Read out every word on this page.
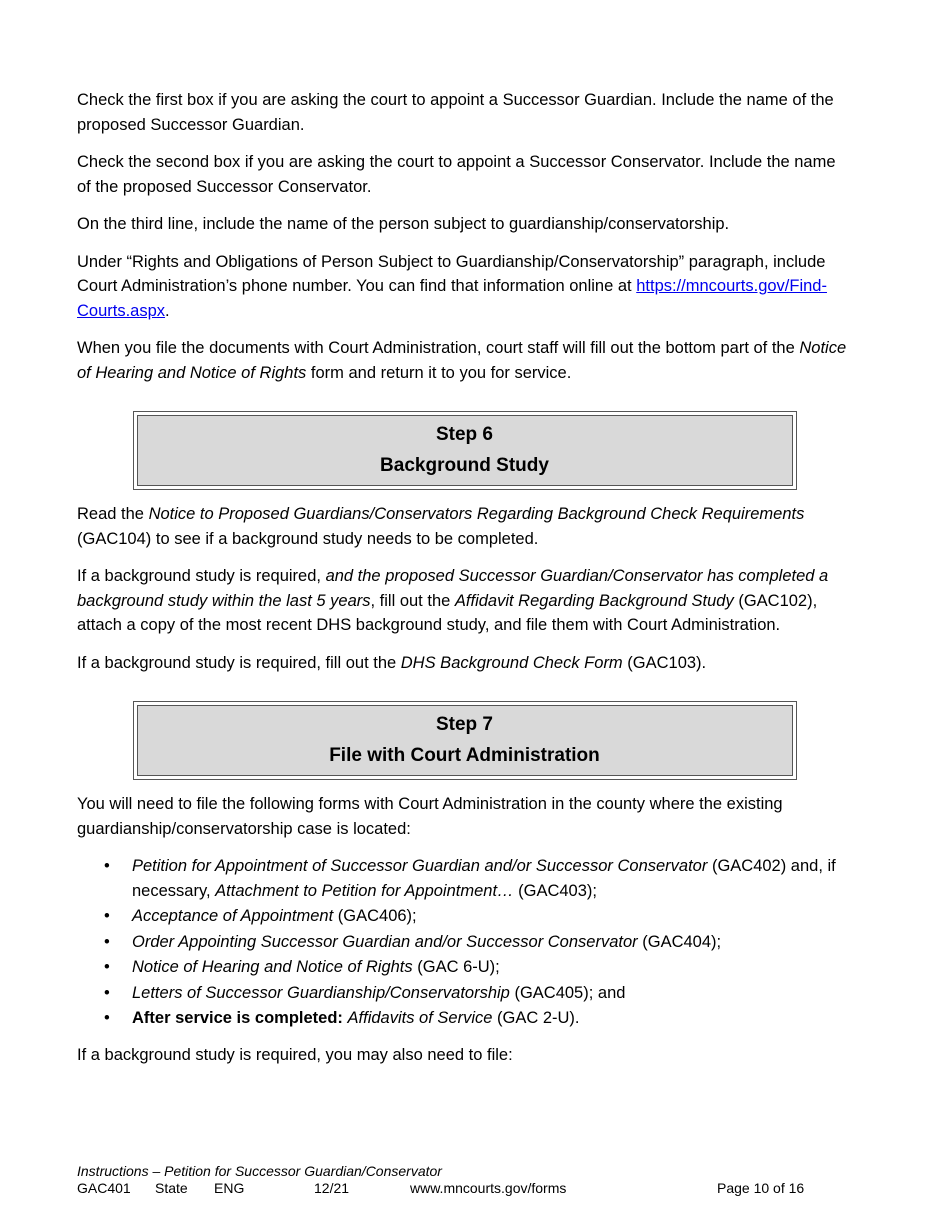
Check the first box if you are asking the court to appoint a Successor Guardian. Include the name of the proposed Successor Guardian.

Check the second box if you are asking the court to appoint a Successor Conservator. Include the name of the proposed Successor Conservator.

On the third line, include the name of the person subject to guardianship/conservatorship.

Under “Rights and Obligations of Person Subject to Guardianship/Conservatorship” paragraph, include Court Administration’s phone number. You can find that information online at https://mncourts.gov/Find-Courts.aspx.

When you file the documents with Court Administration, court staff will fill out the bottom part of the Notice of Hearing and Notice of Rights form and return it to you for service.

Step 6
Background Study

Read the Notice to Proposed Guardians/Conservators Regarding Background Check Requirements (GAC104) to see if a background study needs to be completed.

If a background study is required, and the proposed Successor Guardian/Conservator has completed a background study within the last 5 years, fill out the Affidavit Regarding Background Study (GAC102), attach a copy of the most recent DHS background study, and file them with Court Administration.

If a background study is required, fill out the DHS Background Check Form (GAC103).

Step 7
File with Court Administration

You will need to file the following forms with Court Administration in the county where the existing guardianship/conservatorship case is located:

• Petition for Appointment of Successor Guardian and/or Successor Conservator (GAC402) and, if necessary, Attachment to Petition for Appointment… (GAC403);
• Acceptance of Appointment (GAC406);
• Order Appointing Successor Guardian and/or Successor Conservator (GAC404);
• Notice of Hearing and Notice of Rights (GAC 6-U);
• Letters of Successor Guardianship/Conservatorship (GAC405); and
• After service is completed: Affidavits of Service (GAC 2-U).

If a background study is required, you may also need to file:

Instructions – Petition for Successor Guardian/Conservator
GAC401 State ENG	12/21	www.mncourts.gov/forms	Page 10 of 16
